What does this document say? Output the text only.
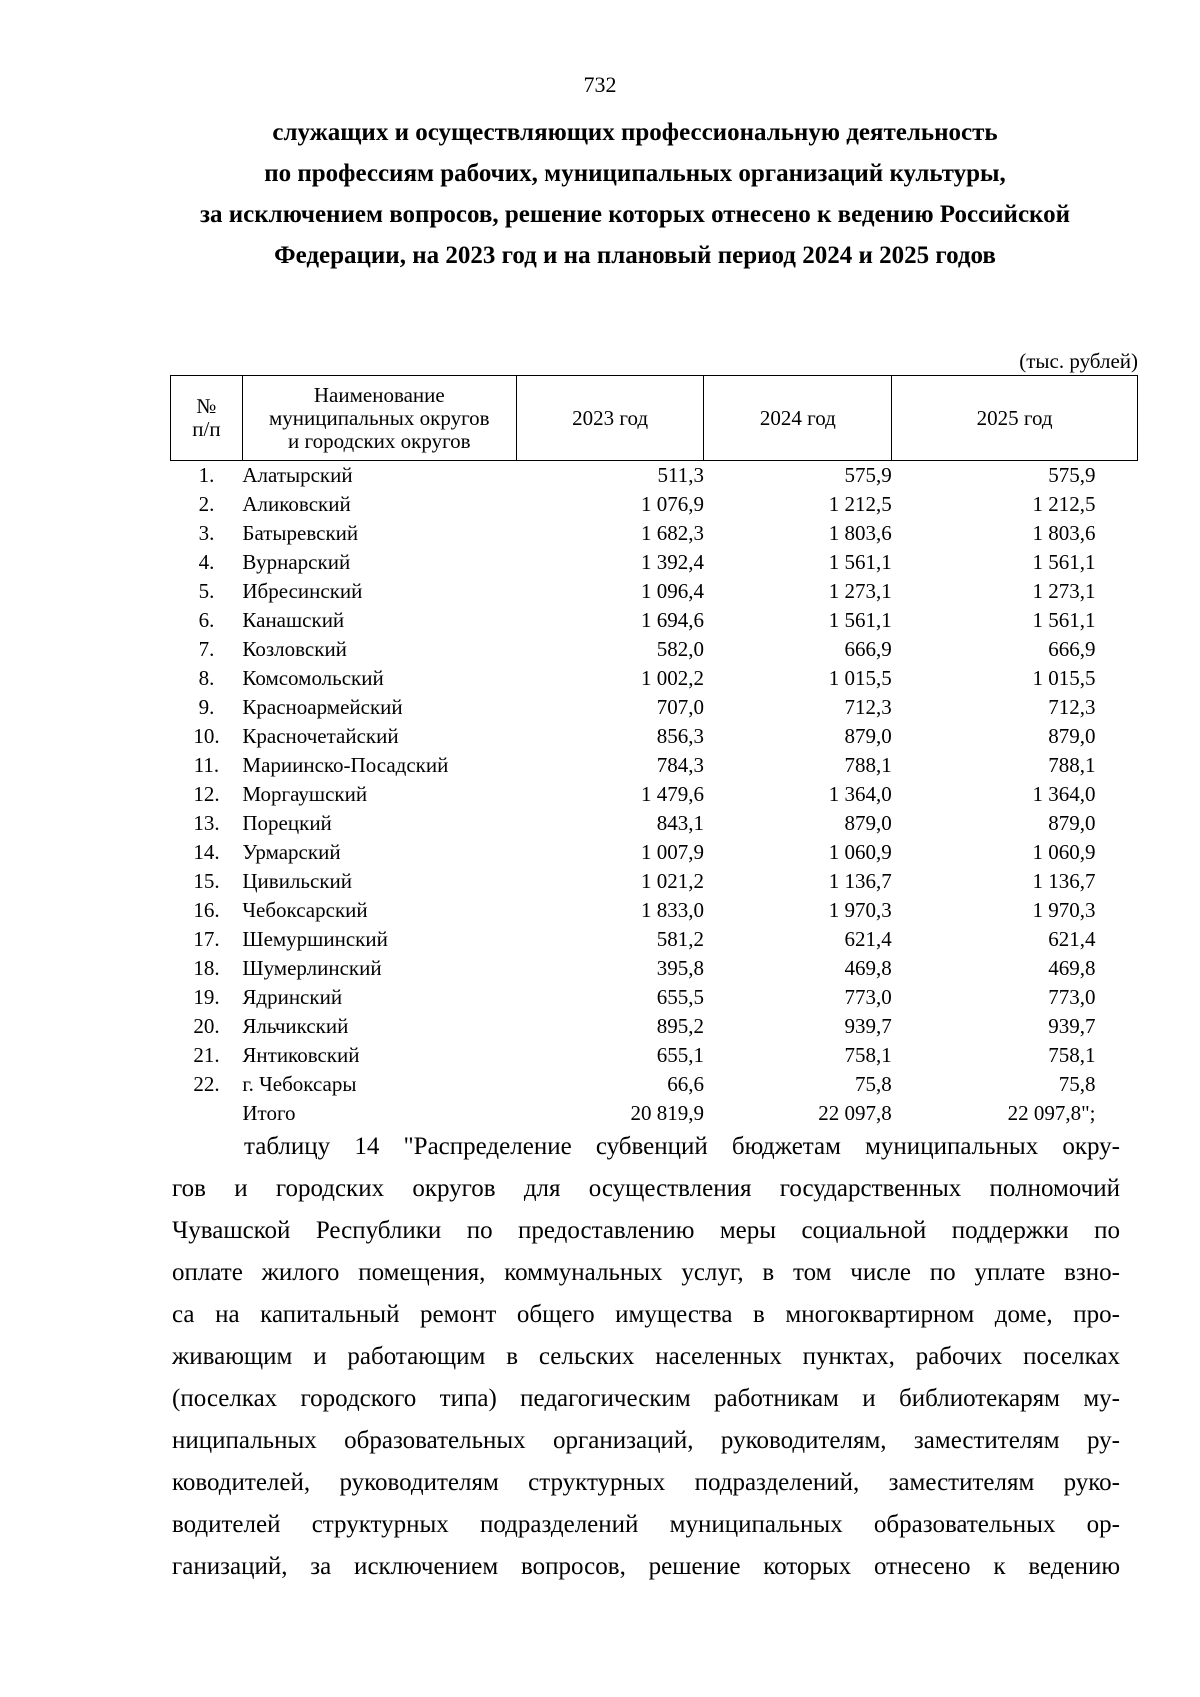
732
служащих и осуществляющих профессиональную деятельность
по профессиям рабочих, муниципальных организаций культуры,
за исключением вопросов, решение которых отнесено к ведению Российской
Федерации, на 2023 год и на плановый период 2024 и 2025 годов
(тыс. рублей)
№
п/п	Наименование
муниципальных округов
и городских округов	2023 год	2024 год	2025 год
1.	Алатырский	511,3	575,9	575,9
2.	Аликовский	1 076,9	1 212,5	1 212,5
3.	Батыревский	1 682,3	1 803,6	1 803,6
4.	Вурнарский	1 392,4	1 561,1	1 561,1
5.	Ибресинский	1 096,4	1 273,1	1 273,1
6.	Канашский	1 694,6	1 561,1	1 561,1
7.	Козловский	582,0	666,9	666,9
8.	Комсомольский	1 002,2	1 015,5	1 015,5
9.	Красноармейский	707,0	712,3	712,3
10.	Красночетайский	856,3	879,0	879,0
11.	Мариинско-Посадский	784,3	788,1	788,1
12.	Моргаушский	1 479,6	1 364,0	1 364,0
13.	Порецкий	843,1	879,0	879,0
14.	Урмарский	1 007,9	1 060,9	1 060,9
15.	Цивильский	1 021,2	1 136,7	1 136,7
16.	Чебоксарский	1 833,0	1 970,3	1 970,3
17.	Шемуршинский	581,2	621,4	621,4
18.	Шумерлинский	395,8	469,8	469,8
19.	Ядринский	655,5	773,0	773,0
20.	Яльчикский	895,2	939,7	939,7
21.	Янтиковский	655,1	758,1	758,1
22.	г. Чебоксары	66,6	75,8	75,8
	Итого	20 819,9	22 097,8	22 097,8";
таблицу 14 "Распределение субвенций бюджетам муниципальных окру-
гов и городских округов для осуществления государственных полномочий
Чувашской Республики по предоставлению меры социальной поддержки по
оплате жилого помещения, коммунальных услуг, в том числе по уплате взно-
са на капитальный ремонт общего имущества в многоквартирном доме, про-
живающим и работающим в сельских населенных пунктах, рабочих поселках
(поселках городского типа) педагогическим работникам и библиотекарям му-
ниципальных образовательных организаций, руководителям, заместителям ру-
ководителей, руководителям структурных подразделений, заместителям руко-
водителей структурных подразделений муниципальных образовательных ор-
ганизаций, за исключением вопросов, решение которых отнесено к ведению
